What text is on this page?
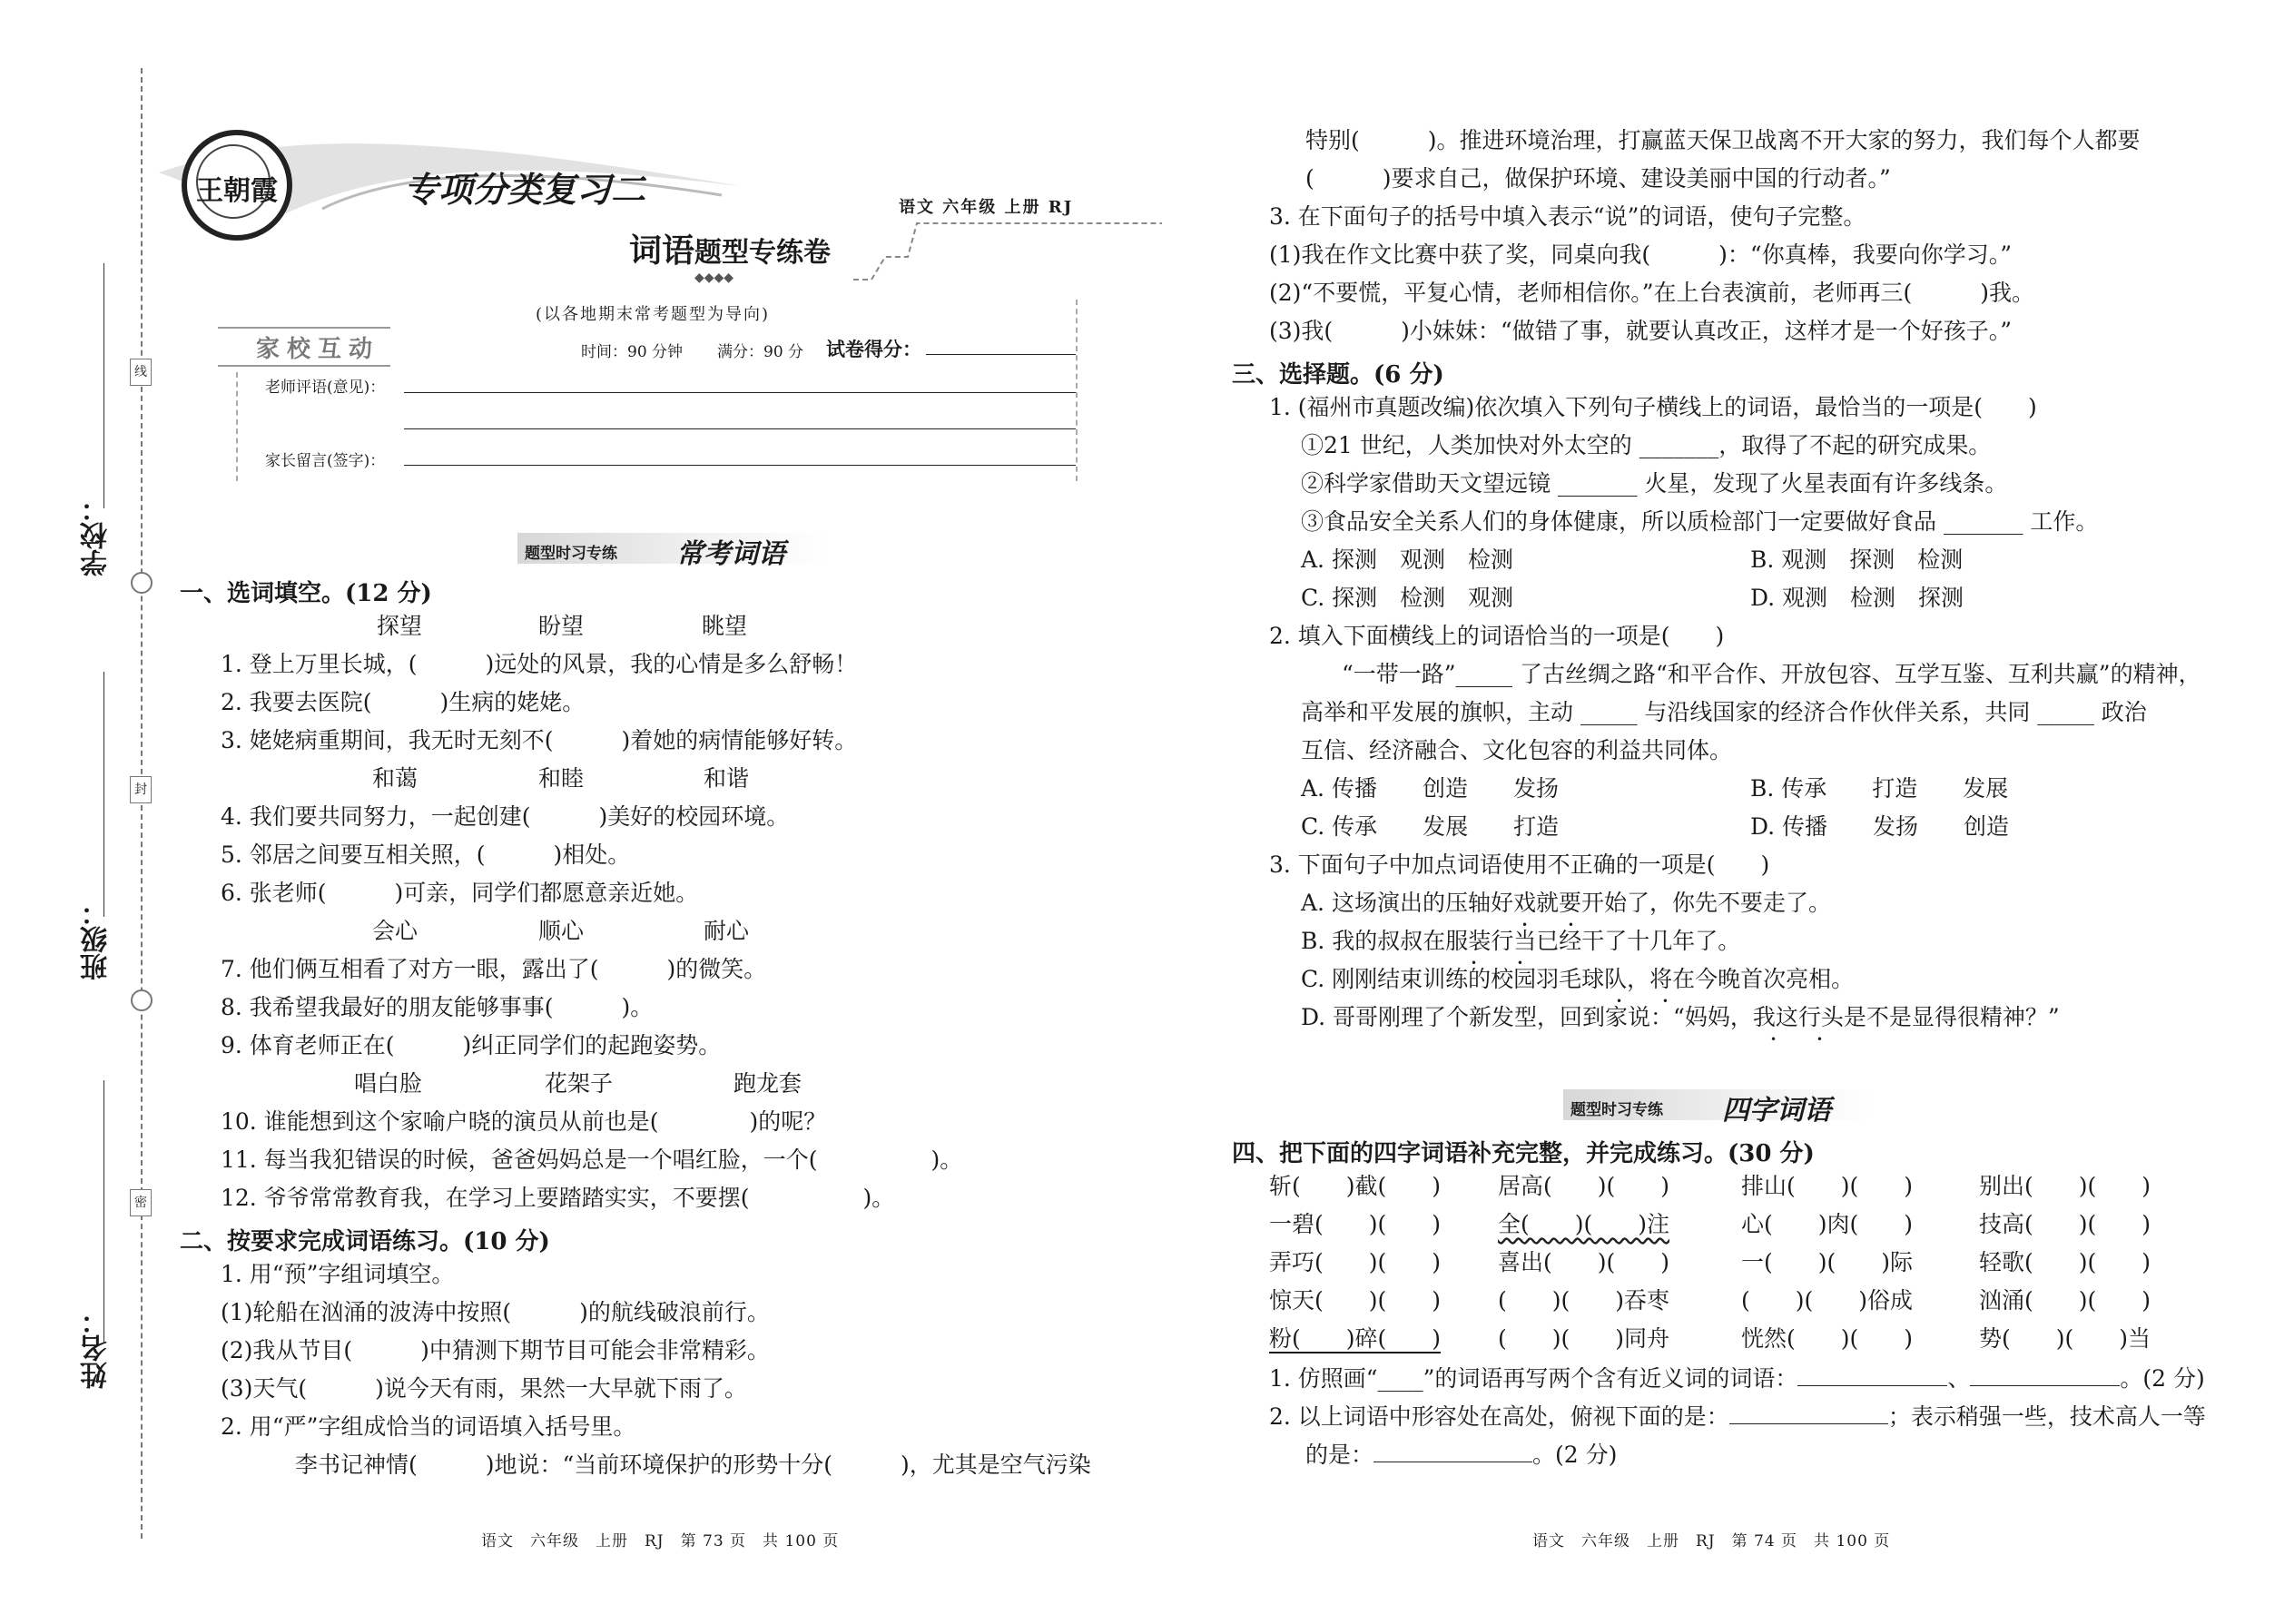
学校：
班级：
姓名：
线
封
密
王朝霞	专项分类复习二	语文 六年级 上册 RJ
词语题型专练卷
◆◆◆◆
(以各地期末常考题型为导向)
家校互动	时间：90 分钟 满分：90 分 试卷得分：
老师评语(意见)：
家长留言(签字)：
题型时习专练 常考词语
一、选词填空。(12 分)
探望	盼望	眺望
1. 登上万里长城，(　　　)远处的风景，我的心情是多么舒畅！
2. 我要去医院(　　　)生病的姥姥。
3. 姥姥病重期间，我无时无刻不(　　　)着她的病情能够好转。
和蔼	和睦	和谐
4. 我们要共同努力，一起创建(　　　)美好的校园环境。
5. 邻居之间要互相关照，(　　　)相处。
6. 张老师(　　　)可亲，同学们都愿意亲近她。
会心	顺心	耐心
7. 他们俩互相看了对方一眼，露出了(　　　)的微笑。
8. 我希望我最好的朋友能够事事(　　　)。
9. 体育老师正在(　　　)纠正同学们的起跑姿势。
唱白脸	花架子	跑龙套
10. 谁能想到这个家喻户晓的演员从前也是(　　　　)的呢？
11. 每当我犯错误的时候，爸爸妈妈总是一个唱红脸，一个(　　　　　)。
12. 爷爷常常教育我，在学习上要踏踏实实，不要摆(　　　　　)。
二、按要求完成词语练习。(10 分)
1. 用“预”字组词填空。
(1)轮船在汹涌的波涛中按照(　　　)的航线破浪前行。
(2)我从节目(　　　)中猜测下期节目可能会非常精彩。
(3)天气(　　　)说今天有雨，果然一大早就下雨了。
2. 用“严”字组成恰当的词语填入括号里。
李书记神情(　　　)地说：“当前环境保护的形势十分(　　　)，尤其是空气污染
语文　六年级　上册　RJ　第 73 页　共 100 页
特别(　　　)。推进环境治理，打赢蓝天保卫战离不开大家的努力，我们每个人都要
(　　　)要求自己，做保护环境、建设美丽中国的行动者。”
3. 在下面句子的括号中填入表示“说”的词语，使句子完整。
(1)我在作文比赛中获了奖，同桌向我(　　　)：“你真棒，我要向你学习。”
(2)“不要慌，平复心情，老师相信你。”在上台表演前，老师再三(　　　)我。
(3)我(　　　)小妹妹：“做错了事，就要认真改正，这样才是一个好孩子。”
三、选择题。(6 分)
1. (福州市真题改编)依次填入下列句子横线上的词语，最恰当的一项是(　　)
①21 世纪，人类加快对外太空的 _______，取得了不起的研究成果。
②科学家借助天文望远镜 _______ 火星，发现了火星表面有许多线条。
③食品安全关系人们的身体健康，所以质检部门一定要做好食品 _______ 工作。
A. 探测　观测　检测	B. 观测　探测　检测
C. 探测　检测　观测	D. 观测　检测　探测
2. 填入下面横线上的词语恰当的一项是(　　)
“一带一路”_____ 了古丝绸之路“和平合作、开放包容、互学互鉴、互利共赢”的精神，
高举和平发展的旗帜，主动 _____ 与沿线国家的经济合作伙伴关系，共同 _____ 政治
互信、经济融合、文化包容的利益共同体。
A. 传播　　创造　　发扬	B. 传承　　打造　　发展
C. 传承　　发展　　打造	D. 传播　　发扬　　创造
3. 下面句子中加点词语使用不正确的一项是(　　)
A. 这场演出的压轴好戏就要开始了，你先不要走了。
B. 我的叔叔在服装行当已经干了十几年了。
C. 刚刚结束训练的校园羽毛球队，将在今晚首次亮相。
D. 哥哥刚理了个新发型，回到家说：“妈妈，我这行头是不是显得很精神？”
• •
• •
• •
• •
题型时习专练 四字词语
四、把下面的四字词语补充完整，并完成练习。(30 分)
斩(　　)截(　　)	居高(　　)(　　)	排山(　　)(　　)	别出(　　)(　　)
一碧(　　)(　　)	全(　　)(　　)注	心(　　)肉(　　)	技高(　　)(　　)
弄巧(　　)(　　)	喜出(　　)(　　)	一(　　)(　　)际	轻歌(　　)(　　)
惊天(　　)(　　)	(　　)(　　)吞枣	(　　)(　　)俗成	汹涌(　　)(　　)
粉(　　)碎(　　)	(　　)(　　)同舟	恍然(　　)(　　)	势(　　)(　　)当
1. 仿照画“____”的词语再写两个含有近义词的词语：	、	。(2 分)
2. 以上词语中形容处在高处，俯视下面的是：	；表示稍强一些，技术高人一等
的是：	。(2 分)
语文　六年级　上册　RJ　第 74 页　共 100 页
